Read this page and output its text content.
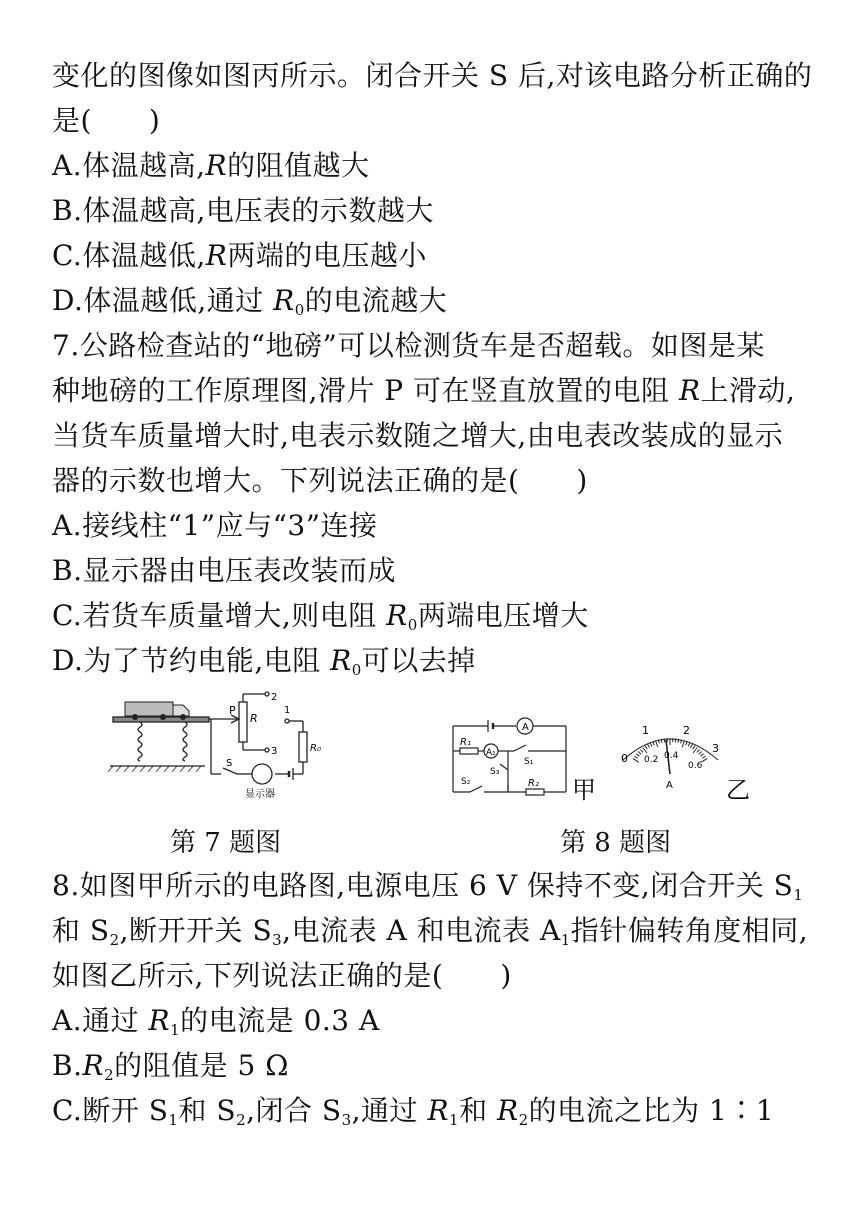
变化的图像如图丙所示。闭合开关 S 后,对该电路分析正确的
是(　　)
A.体温越高,R的阻值越大
B.体温越高,电压表的示数越大
C.体温越低,R两端的电压越小
D.体温越低,通过 $R_0$的电流越大
7.公路检查站的“地磅”可以检测货车是否超载。如图是某
种地磅的工作原理图,滑片 P 可在竖直放置的电阻 R上滑动,
当货车质量增大时,电表示数随之增大,由电表改装成的显示
器的示数也增大。下列说法正确的是(　　)
A.接线柱“1”应与“3”连接
B.显示器由电压表改装而成
C.若货车质量增大,则电阻 $R_0$两端电压增大
D.为了节约电能,电阻 $R_0$可以去掉
P
R
2
1
3	R₀
S
显示器
A
A₁
R₁
R₂
S₁
S₂
S₃
甲
0
1	2
3
0.2 0.4
0.6
A 乙
第 7 题图	第 8 题图
8.如图甲所示的电路图,电源电压 6 V 保持不变,闭合开关 $S_1$
和 $S_2$,断开开关 $S_3$,电流表 A 和电流表 $A_1$指针偏转角度相同,
如图乙所示,下列说法正确的是(　　)
A.通过 $R_1$的电流是 0.3 A
$B.R_2$的阻值是 5 Ω
C.断开 $S_1$和 $S_2$,闭合 $S_3$,通过 $R_1$和 $R_2$的电流之比为 1∶1
